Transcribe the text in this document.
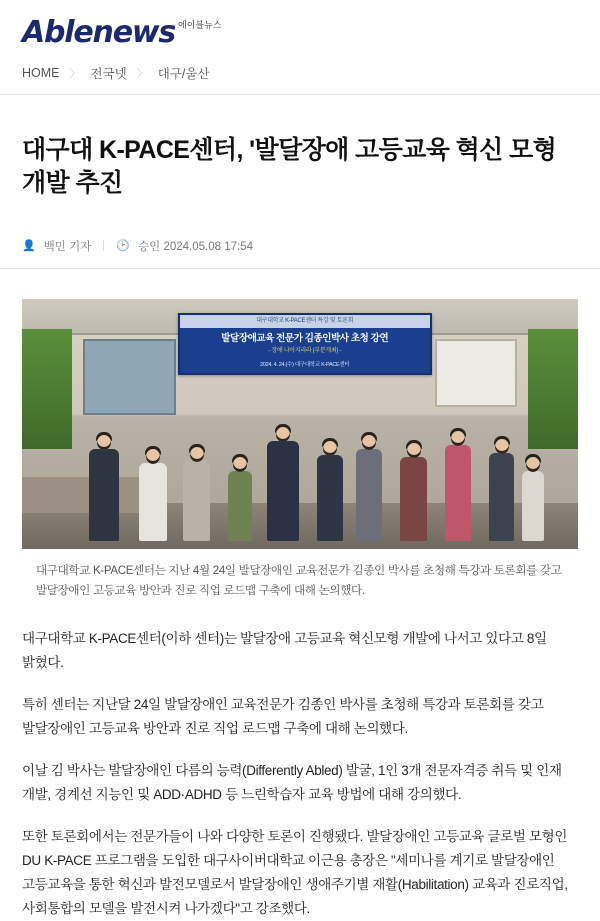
Able news 에이블뉴스
HOME 〉 전국넷 〉 대구/울산
대구대 K-PACE센터, '발달장애 고등교육 혁신 모형 개발 추진
👤 백민 기자 🕑 승인 2024.05.08 17:54
대구대학교 K-PACE센터 특강 및 토론회
발달장애교육 전문가 김종인박사 초청 강연
- 장애 나아지리라 (부분개최) -
2024. 4. 24.(수) 대구대학교 K-PACE센터
대구대학교 K-PACE센터는 지난 4월 24일 발달장애인 교육전문가 김종인 박사를 초청해 특강과 토론회를 갖고 발달장애인 고등교육 방안과 진로 직업 로드맵 구축에 대해 논의했다.

대구대학교 K-PACE센터(이하 센터)는 발달장애 고등교육 혁신모형 개발에 나서고 있다고 8일 밝혔다.

특히 센터는 지난달 24일 발달장애인 교육전문가 김종인 박사를 초청해 특강과 토론회를 갖고 발달장애인 고등교육 방안과 진로 직업 로드맵 구축에 대해 논의했다.

이날 김 박사는 발달장애인 다름의 능력(Differently Abled) 발굴, 1인 3개 전문자격증 취득 및 인재 개발, 경계선 지능인 및 ADD·ADHD 등 느린학습자 교육 방법에 대해 강의했다.

또한 토론회에서는 전문가들이 나와 다양한 토론이 진행됐다. 발달장애인 고등교육 글로벌 모형인 DU K-PACE 프로그램을 도입한 대구사이버대학교 이근용 총장은 "세미나를 계기로 발달장애인 고등교육을 통한 혁신과 발전모델로서 발달장애인 생애주기별 재활(Habilitation) 교육과 진로직업, 사회통합의 모델을 발전시켜 나가겠다"고 강조했다.
